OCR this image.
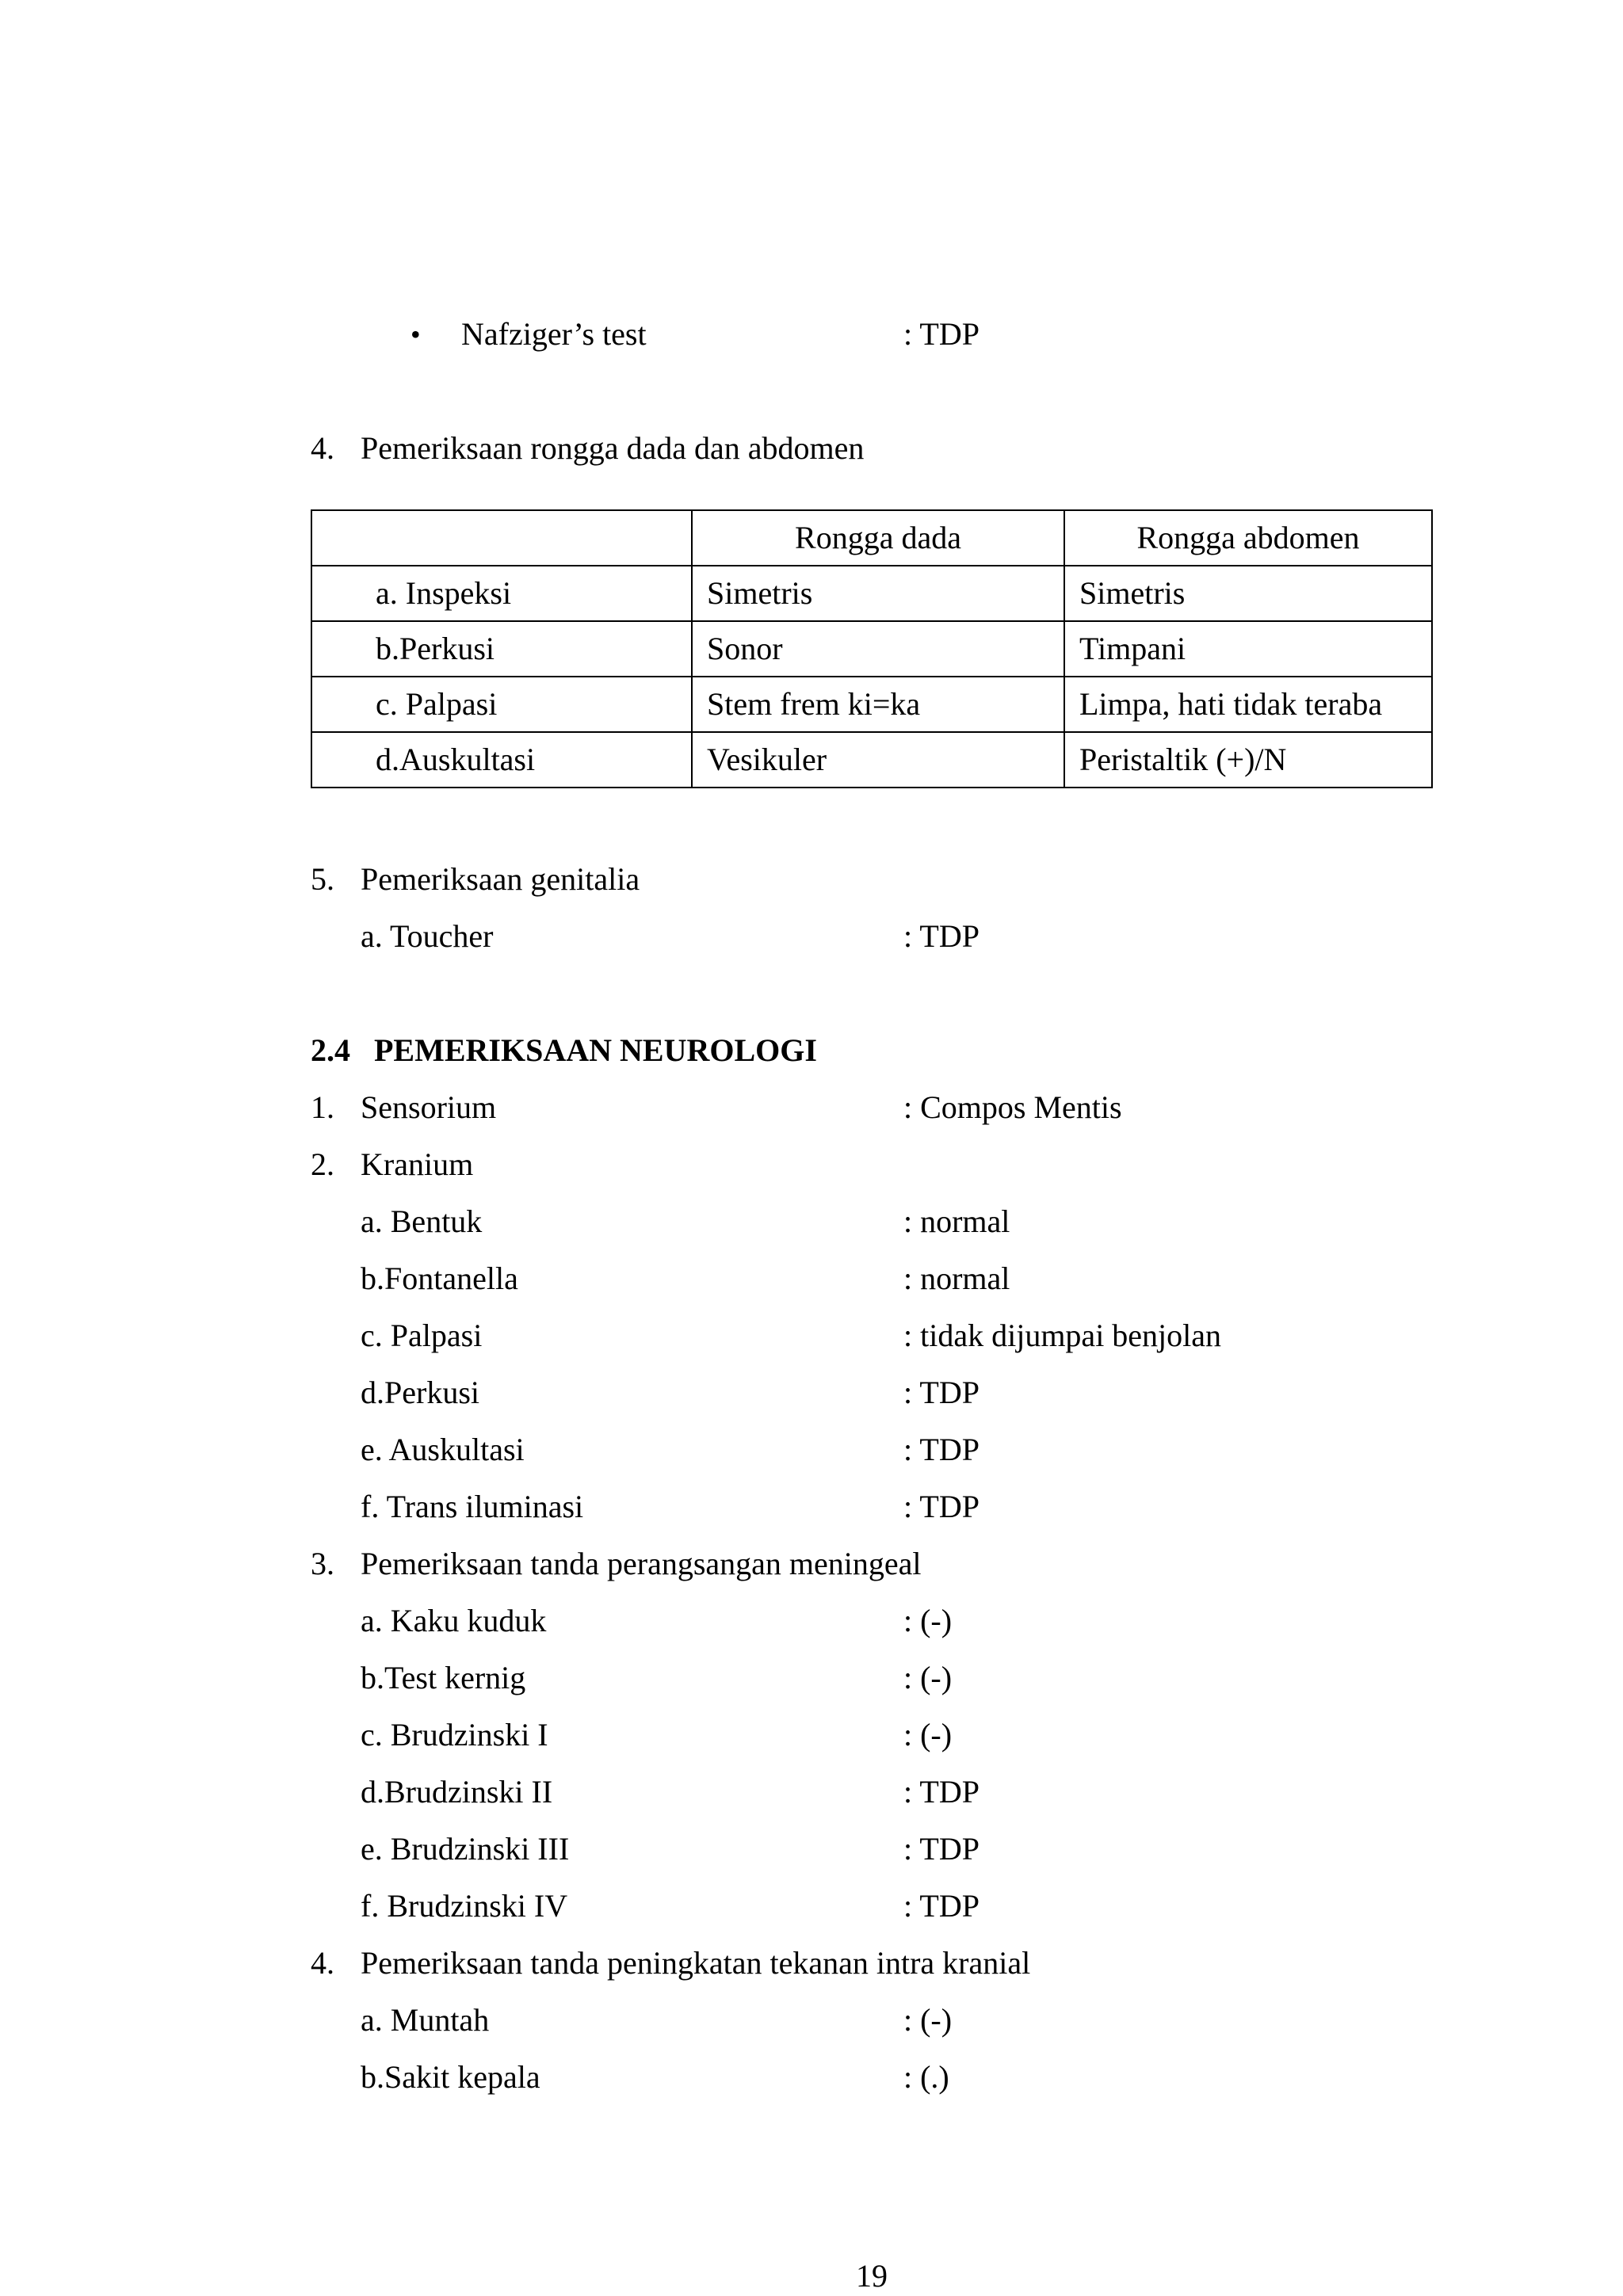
• Nafziger’s test	: TDP
4. Pemeriksaan rongga dada dan abdomen
	Rongga dada	Rongga abdomen
a. Inspeksi	Simetris	Simetris
b.Perkusi	Sonor	Timpani
c. Palpasi	Stem frem ki=ka	Limpa, hati tidak teraba
d.Auskultasi	Vesikuler	Peristaltik (+)/N
5. Pemeriksaan genitalia
a. Toucher	: TDP
2.4 PEMERIKSAAN NEUROLOGI
1. Sensorium	: Compos Mentis
2. Kranium
a. Bentuk	: normal
b.Fontanella	: normal
c. Palpasi	: tidak dijumpai benjolan
d.Perkusi	: TDP
e. Auskultasi	: TDP
f. Trans iluminasi	: TDP
3. Pemeriksaan tanda perangsangan meningeal
a. Kaku kuduk	: (-)
b.Test kernig	: (-)
c. Brudzinski I	: (-)
d.Brudzinski II	: TDP
e. Brudzinski III	: TDP
f. Brudzinski IV	: TDP
4. Pemeriksaan tanda peningkatan tekanan intra kranial
a. Muntah	: (-)
b.Sakit kepala	: (.)
19
